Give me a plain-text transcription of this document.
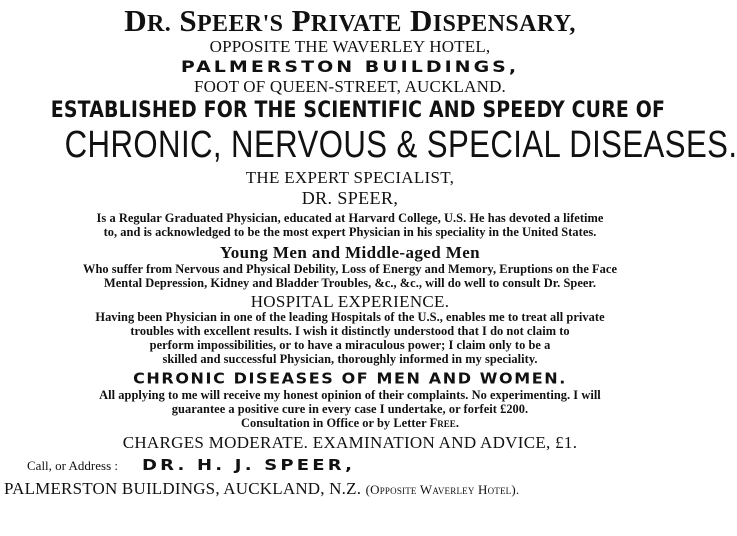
DR. SPEER'S PRIVATE DISPENSARY,
OPPOSITE THE WAVERLEY HOTEL,
PALMERSTON BUILDINGS,
FOOT OF QUEEN-STREET, AUCKLAND.
ESTABLISHED FOR THE SCIENTIFIC AND SPEEDY CURE OF
CHRONIC, NERVOUS & SPECIAL DISEASES.
THE EXPERT SPECIALIST,
DR. SPEER,
Is a Regular Graduated Physician, educated at Harvard College, U.S. He has devoted a lifetime
to, and is acknowledged to be the most expert Physician in his speciality in the United States.
Young Men and Middle-aged Men
Who suffer from Nervous and Physical Debility, Loss of Energy and Memory, Eruptions on the Face
Mental Depression, Kidney and Bladder Troubles, &c., &c., will do well to consult Dr. Speer.
HOSPITAL EXPERIENCE.
Having been Physician in one of the leading Hospitals of the U.S., enables me to treat all private
troubles with excellent results. I wish it distinctly understood that I do not claim to
perform impossibilities, or to have a miraculous power; I claim only to be a
skilled and successful Physician, thoroughly informed in my speciality.
CHRONIC DISEASES OF MEN AND WOMEN.
All applying to me will receive my honest opinion of their complaints. No experimenting. I will
guarantee a positive cure in every case I undertake, or forfeit £200.
Consultation in Office or by Letter Free.
CHARGES MODERATE. EXAMINATION AND ADVICE, £1.
Call, or Address : DR. H. J. SPEER,
PALMERSTON BUILDINGS, AUCKLAND, N.Z. (Opposite Waverley Hotel).
